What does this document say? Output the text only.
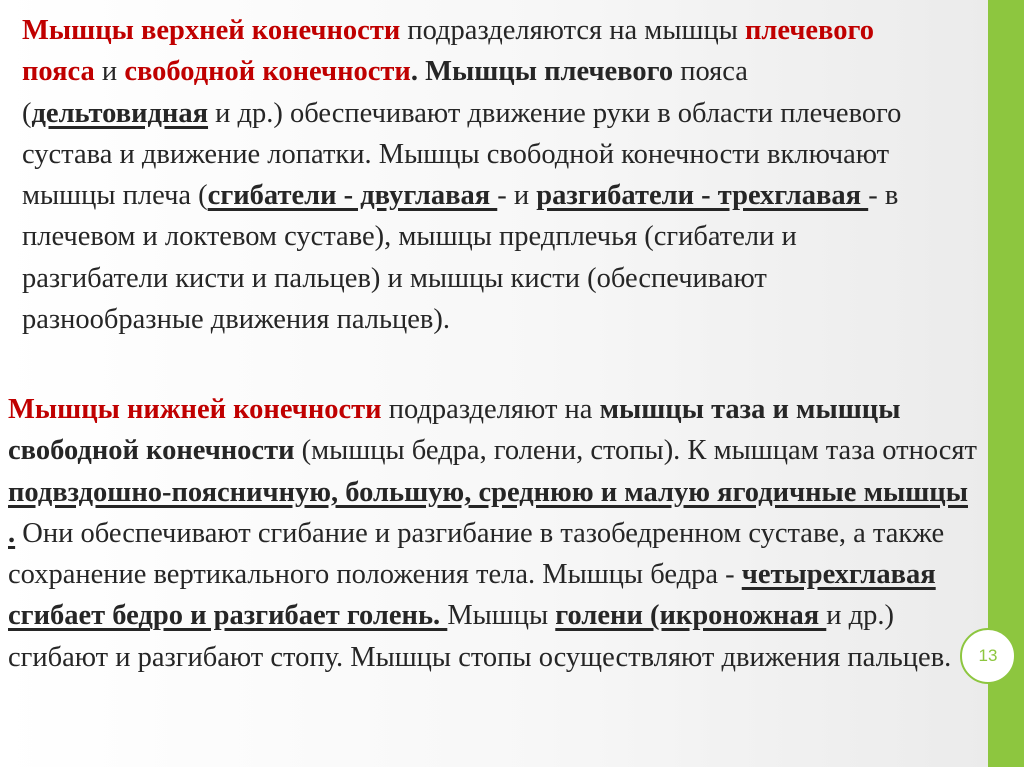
Мышцы верхней конечности подразделяются на мышцы плечевого пояса и свободной конечности. Мышцы плечевого пояса (дельтовидная и др.) обеспечивают движение руки в области плечевого сустава и движение лопатки. Мышцы свободной конечности включают мышцы плеча (сгибатели - двуглавая - и разгибатели - трехглавая - в плечевом и локтевом суставе), мышцы предплечья (сгибатели и разгибатели кисти и пальцев) и мышцы кисти (обеспечивают разнообразные движения пальцев).

Мышцы нижней конечности подразделяют на мышцы таза и мышцы свободной конечности (мышцы бедра, голени, стопы). К мышцам таза относят подвздошно-поясничную, большую, среднюю и малую ягодичные мышцы . Они обеспечивают сгибание и разгибание в тазобедренном суставе, а также сохранение вертикального положения тела. Мышцы бедра - четырехглавая сгибает бедро и разгибает голень. Мышцы голени (икроножная и др.) сгибают и разгибают стопу. Мышцы стопы осуществляют движения пальцев.	13
